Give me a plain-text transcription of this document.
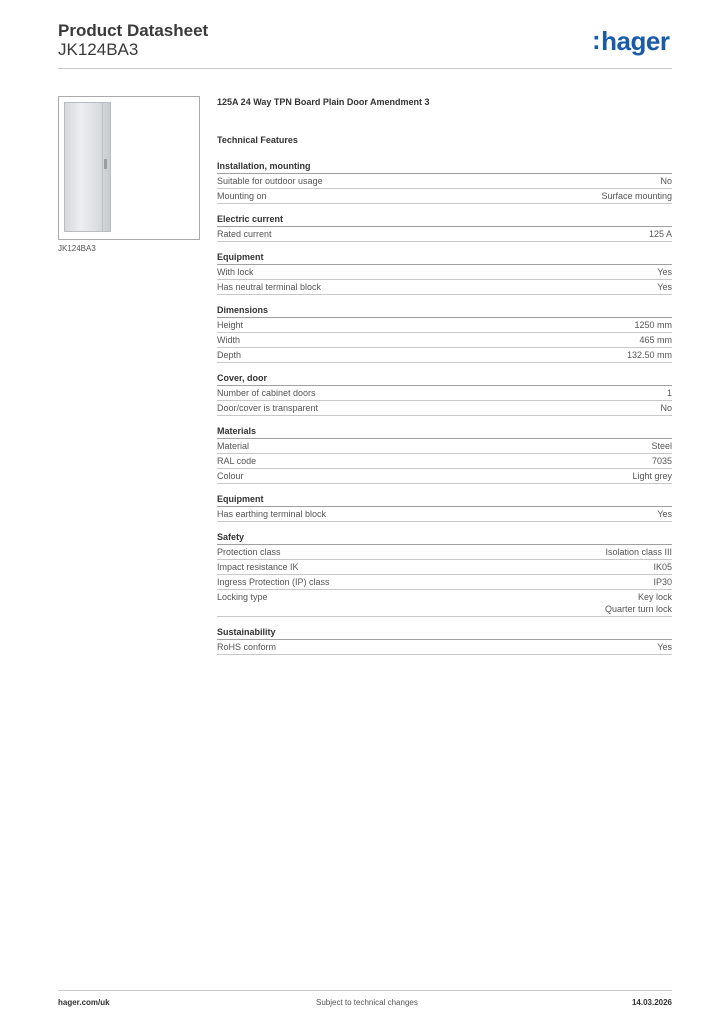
Product Datasheet
JK124BA3	:hager
JK124BA3
125A 24 Way TPN Board Plain Door Amendment 3
Technical Features
Installation, mounting
Suitable for outdoor usage	No
Mounting on	Surface mounting
Electric current
Rated current	125 A
Equipment
With lock	Yes
Has neutral terminal block	Yes
Dimensions
Height	1250 mm
Width	465 mm
Depth	132.50 mm
Cover, door
Number of cabinet doors	1
Door/cover is transparent	No
Materials
Material	Steel
RAL code	7035
Colour	Light grey
Equipment
Has earthing terminal block	Yes
Safety
Protection class	Isolation class III
Impact resistance IK	IK05
Ingress Protection (IP) class	IP30
Locking type	Key lock
Quarter turn lock
Sustainability
RoHS conform	Yes
hager.com/uk	Subject to technical changes	14.03.2026
